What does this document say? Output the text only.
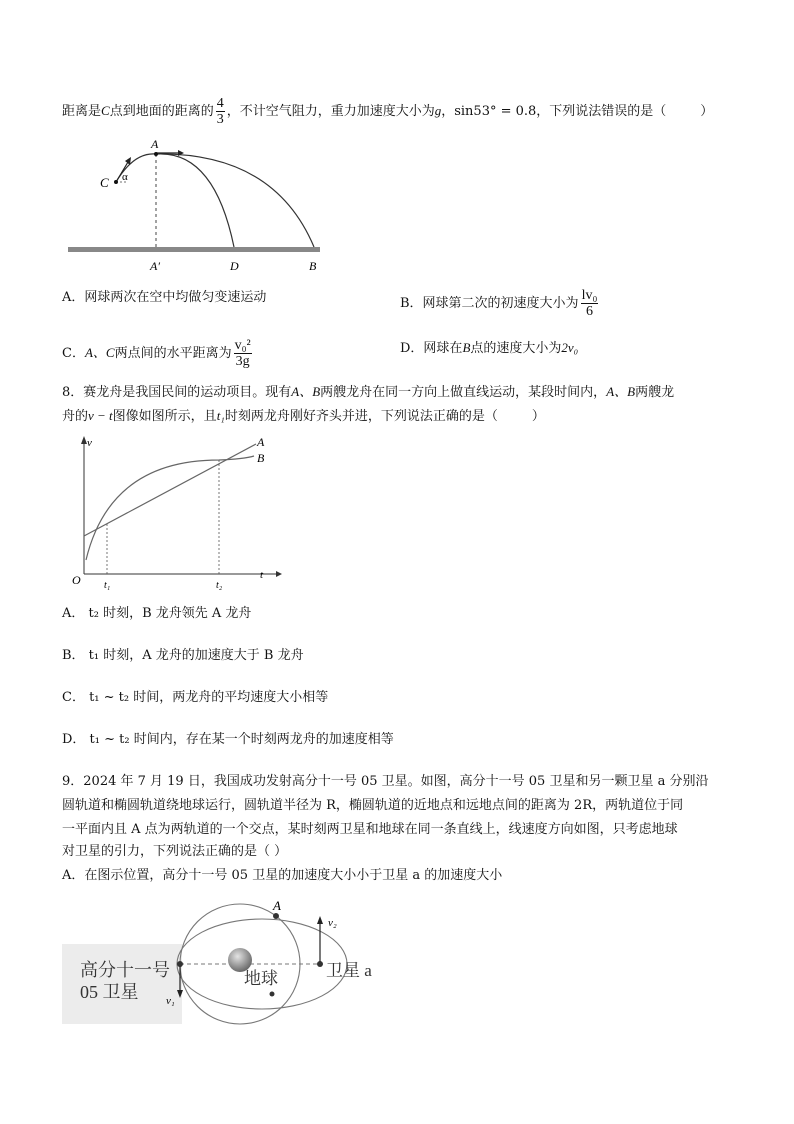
距离是C点到地面的距离的 $\frac{4}{3}$ ，不计空气阻力，重力加速度大小为g，sin53° = 0.8，下列说法错误的是（	）
C
A
α
A′	D	B
A．网球两次在空中均做匀变速运动	B．网球第二次的初速度大小为 $\frac{\text{lv₀}}{6}$
C．A、C两点间的水平距离为 $\frac{\text{v₀²}}{3g}$	D．网球在B点的速度大小为2v₀
8．赛龙舟是我国民间的运动项目。现有A、B两艘龙舟在同一方向上做直线运动，某段时间内，A、B两艘龙
舟的v − t图像如图所示，且t₁时刻两龙舟刚好齐头并进，下列说法正确的是（	）
v
t
O t₁	t₂
A
B
A． t₂ 时刻，B 龙舟领先 A 龙舟
B． t₁ 时刻，A 龙舟的加速度大于 B 龙舟
C． t₁ ~ t₂ 时间，两龙舟的平均速度大小相等
D． t₁ ~ t₂ 时间内，存在某一个时刻两龙舟的加速度相等
9．2024 年 7 月 19 日，我国成功发射高分十一号 05 卫星。如图，高分十一号 05 卫星和另一颗卫星 a 分别沿
圆轨道和椭圆轨道绕地球运行，圆轨道半径为 R，椭圆轨道的近地点和远地点间的距离为 2R，两轨道位于同
一平面内且 A 点为两轨道的一个交点，某时刻两卫星和地球在同一条直线上，线速度方向如图，只考虑地球
对卫星的引力，下列说法正确的是（ ）
A．在图示位置，高分十一号 05 卫星的加速度大小小于卫星 a 的加速度大小
A
v₂
v₁
高分十一号
05 卫星
地球	卫星 a
